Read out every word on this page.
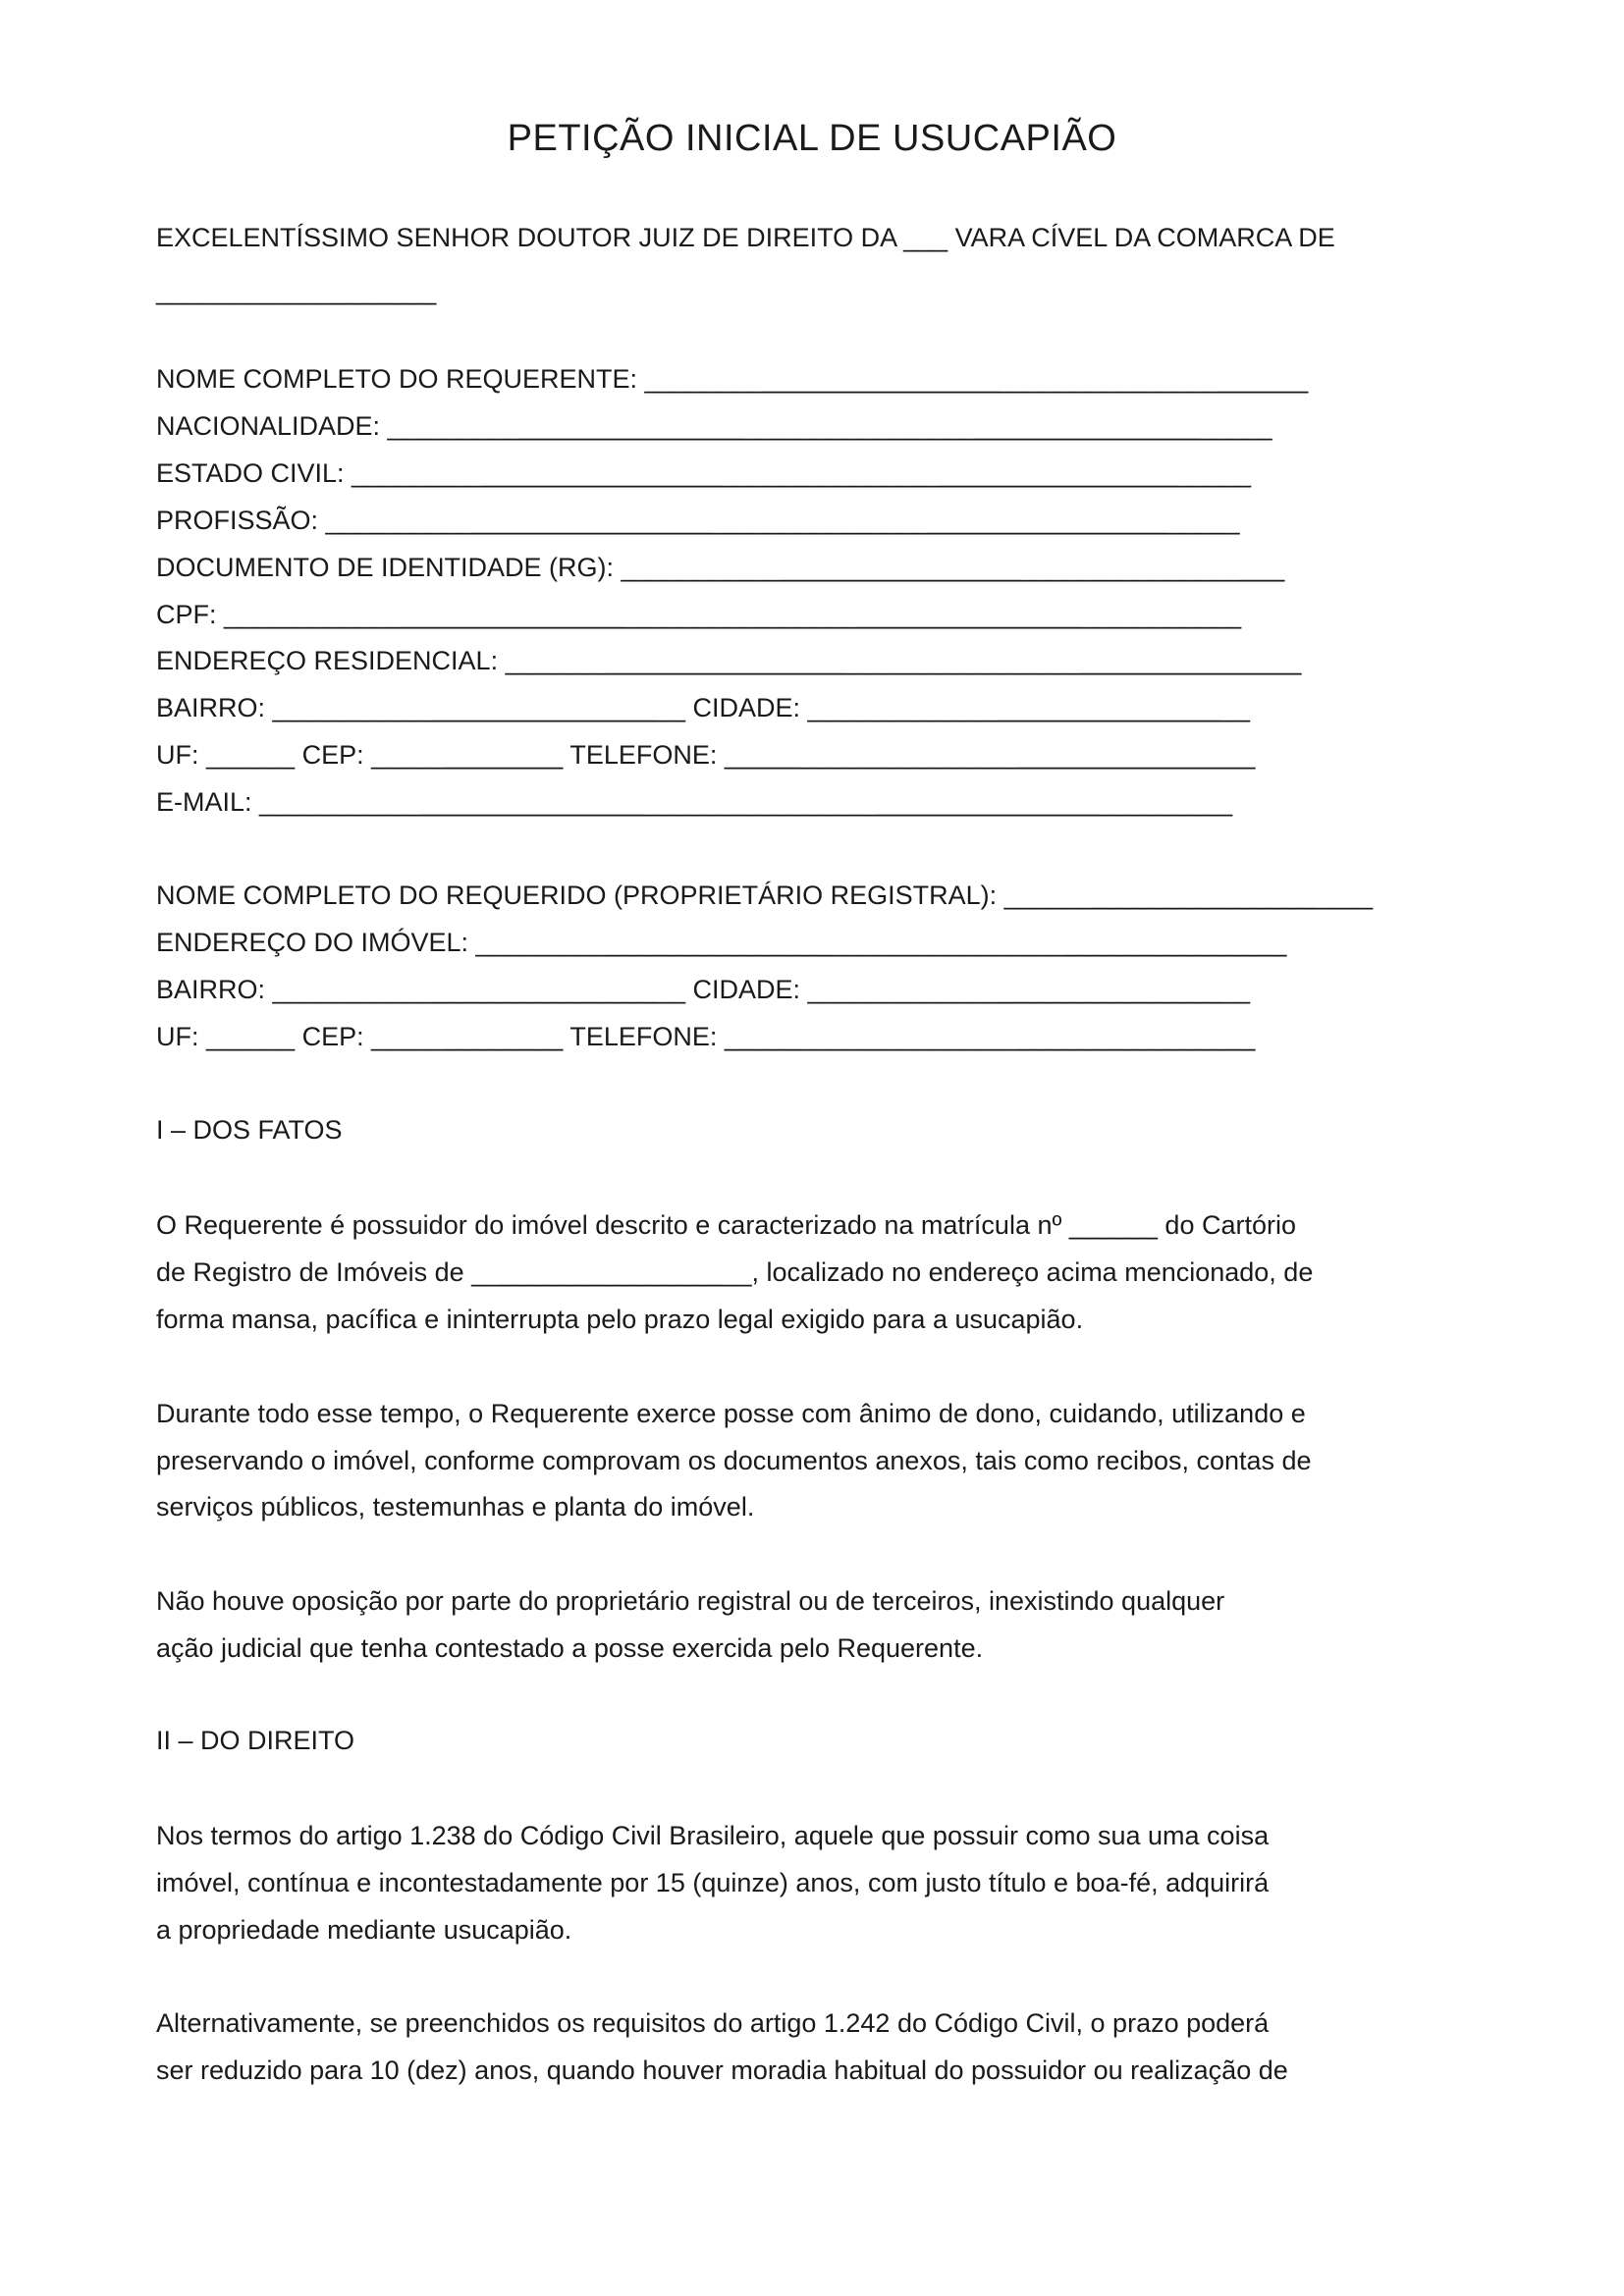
PETIÇÃO INICIAL DE USUCAPIÃO
EXCELENTÍSSIMO SENHOR DOUTOR JUIZ DE DIREITO DA ___ VARA CÍVEL DA COMARCA DE
___________________
NOME COMPLETO DO REQUERENTE: _____________________________________________
NACIONALIDADE: ____________________________________________________________
ESTADO CIVIL: _____________________________________________________________
PROFISSÃO: ______________________________________________________________
DOCUMENTO DE IDENTIDADE (RG): _____________________________________________
CPF: _____________________________________________________________________
ENDEREÇO RESIDENCIAL: ______________________________________________________
BAIRRO: ____________________________ CIDADE: ______________________________
UF: ______ CEP: _____________ TELEFONE: ____________________________________
E-MAIL: __________________________________________________________________
NOME COMPLETO DO REQUERIDO (PROPRIETÁRIO REGISTRAL): _________________________
ENDEREÇO DO IMÓVEL: _______________________________________________________
BAIRRO: ____________________________ CIDADE: ______________________________
UF: ______ CEP: _____________ TELEFONE: ____________________________________
I – DOS FATOS
O Requerente é possuidor do imóvel descrito e caracterizado na matrícula nº ______ do Cartório
de Registro de Imóveis de ___________________, localizado no endereço acima mencionado, de
forma mansa, pacífica e ininterrupta pelo prazo legal exigido para a usucapião.
Durante todo esse tempo, o Requerente exerce posse com ânimo de dono, cuidando, utilizando e
preservando o imóvel, conforme comprovam os documentos anexos, tais como recibos, contas de
serviços públicos, testemunhas e planta do imóvel.
Não houve oposição por parte do proprietário registral ou de terceiros, inexistindo qualquer
ação judicial que tenha contestado a posse exercida pelo Requerente.
II – DO DIREITO
Nos termos do artigo 1.238 do Código Civil Brasileiro, aquele que possuir como sua uma coisa
imóvel, contínua e incontestadamente por 15 (quinze) anos, com justo título e boa-fé, adquirirá
a propriedade mediante usucapião.
Alternativamente, se preenchidos os requisitos do artigo 1.242 do Código Civil, o prazo poderá
ser reduzido para 10 (dez) anos, quando houver moradia habitual do possuidor ou realização de
